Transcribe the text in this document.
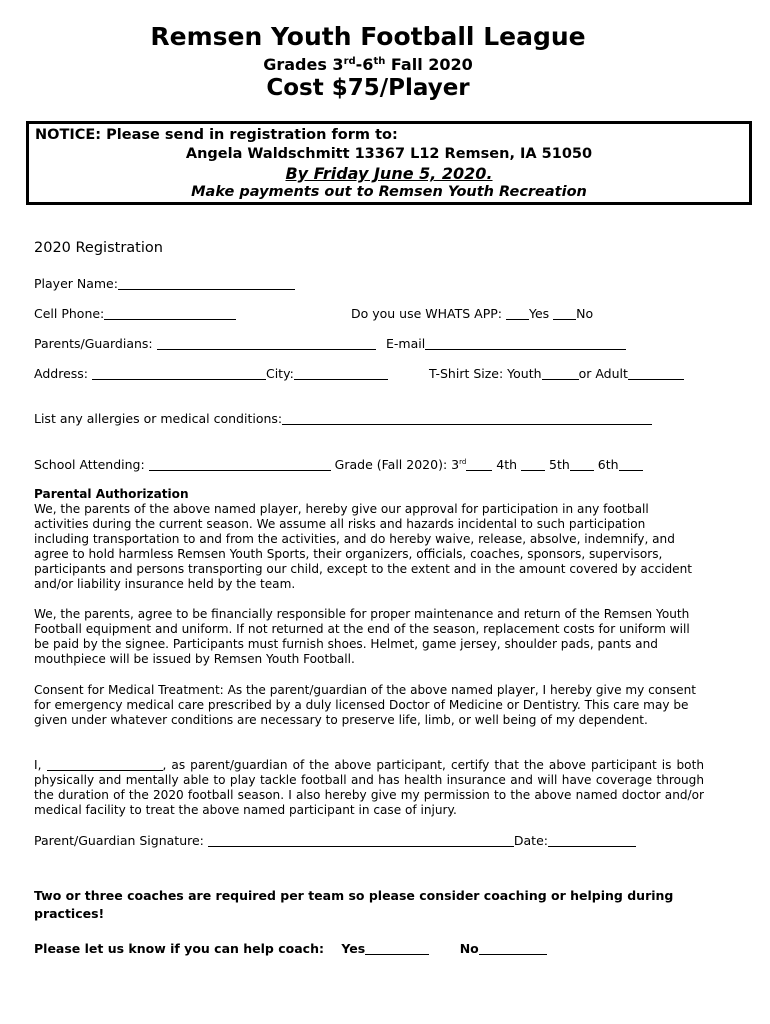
Remsen Youth Football League
Grades 3rd-6th Fall 2020
Cost $75/Player
NOTICE: Please send in registration form to:
Angela Waldschmitt 13367 L12 Remsen, IA 51050
By Friday June 5, 2020.
Make payments out to Remsen Youth Recreation
2020 Registration
Player Name:
Cell Phone:	Do you use WHATS APP: Yes No
Parents/Guardians:	E-mail
Address:	City:	T-Shirt Size: Youth	or Adult
List any allergies or medical conditions:
School Attending:	Grade (Fall 2020): 3rd 4th	5th 6th
Parental Authorization
We, the parents of the above named player, hereby give our approval for participation in any football activities during the current season. We assume all risks and hazards incidental to such participation including transportation to and from the activities, and do hereby waive, release, absolve, indemnify, and agree to hold harmless Remsen Youth Sports, their organizers, officials, coaches, sponsors, supervisors, participants and persons transporting our child, except to the extent and in the amount covered by accident and/or liability insurance held by the team.
We, the parents, agree to be financially responsible for proper maintenance and return of the Remsen Youth Football equipment and uniform. If not returned at the end of the season, replacement costs for uniform will be paid by the signee. Participants must furnish shoes. Helmet, game jersey, shoulder pads, pants and mouthpiece will be issued by Remsen Youth Football.
Consent for Medical Treatment: As the parent/guardian of the above named player, I hereby give my consent for emergency medical care prescribed by a duly licensed Doctor of Medicine or Dentistry. This care may be given under whatever conditions are necessary to preserve life, limb, or well being of my dependent.
I,	, as parent/guardian of the above participant, certify that the above participant is both physically and mentally able to play tackle football and has health insurance and will have coverage through the duration of the 2020 football season. I also hereby give my permission to the above named doctor and/or medical facility to treat the above named participant in case of injury.
Parent/Guardian Signature:	Date:
Two or three coaches are required per team so please consider coaching or helping during practices!
Please let us know if you can help coach: Yes	No
